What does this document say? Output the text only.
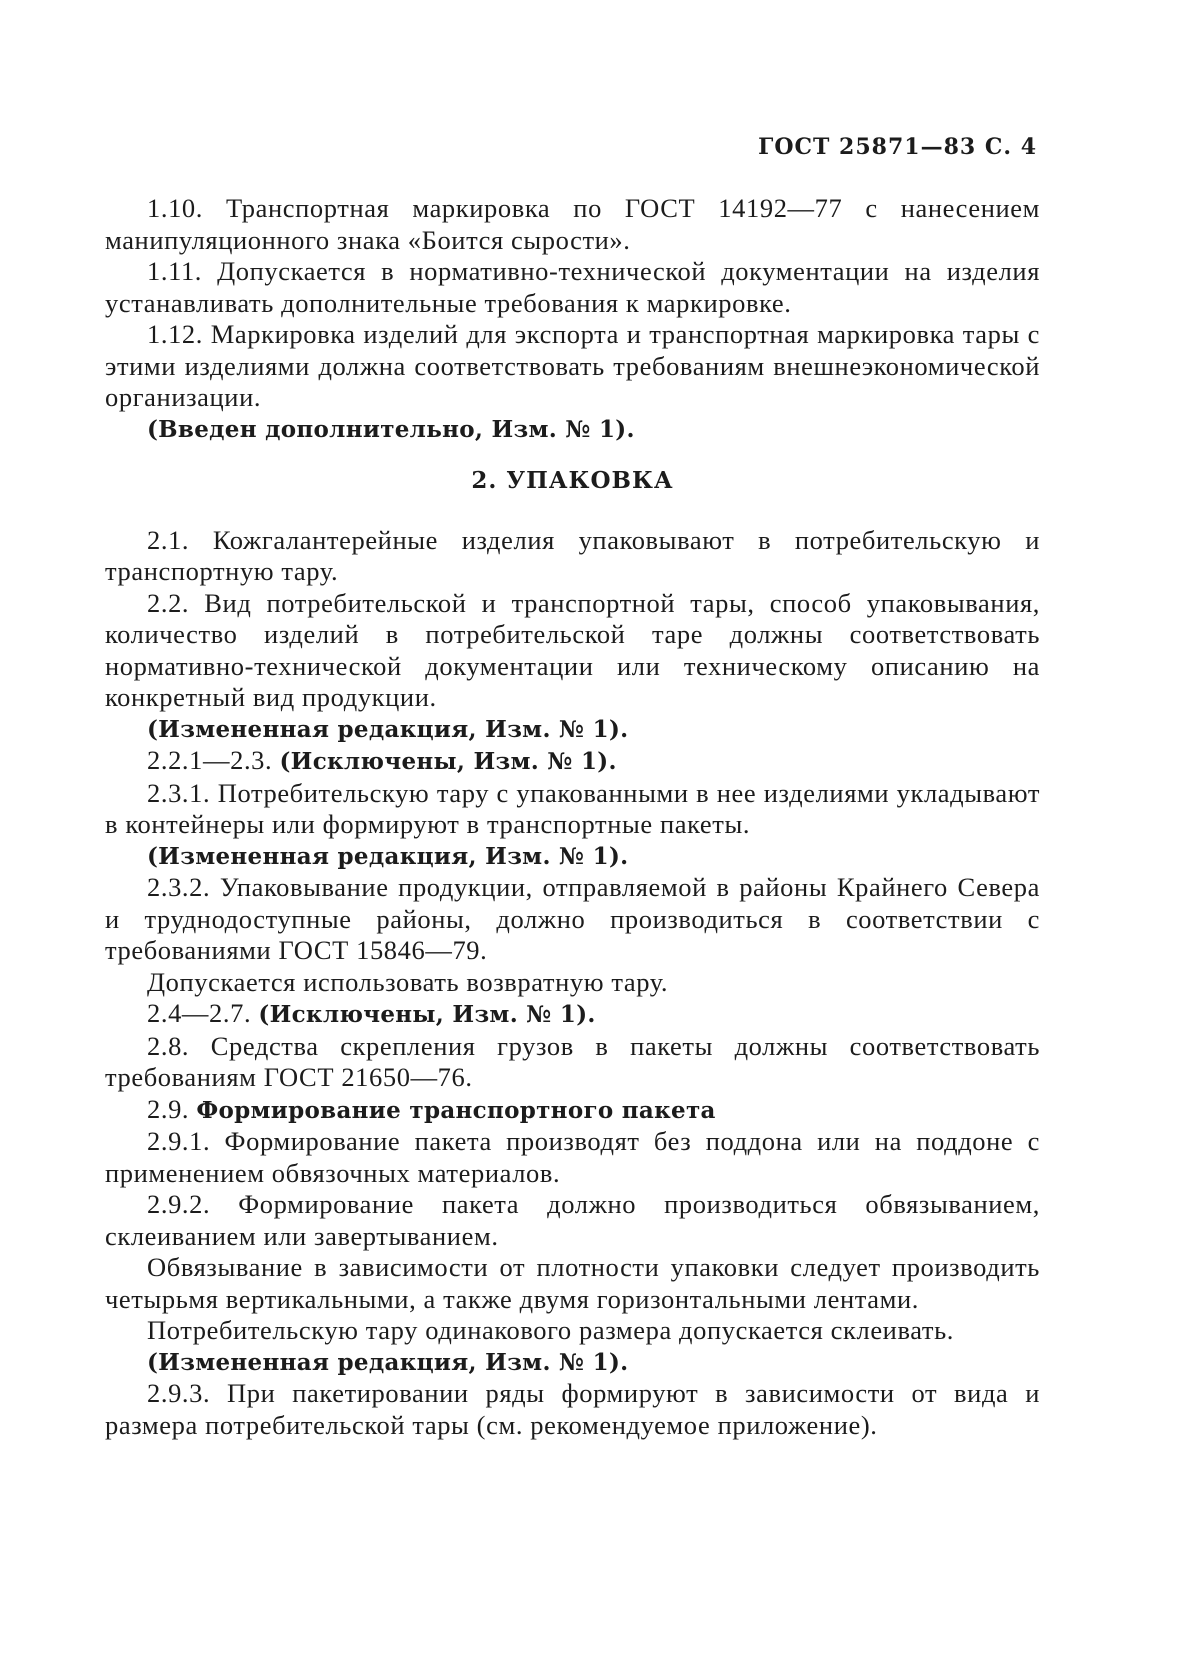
ГОСТ 25871—83 С. 4

1.10. Транспортная маркировка по ГОСТ 14192—77 с нанесением манипуляционного знака «Боится сырости».

1.11. Допускается в нормативно-технической документации на изделия устанавливать дополнительные требования к маркировке.

1.12. Маркировка изделий для экспорта и транспортная маркировка тары с этими изделиями должна соответствовать требованиям внешнеэкономической организации.

(Введен дополнительно, Изм. № 1).

2. УПАКОВКА

2.1. Кожгалантерейные изделия упаковывают в потребительскую и транспортную тару.

2.2. Вид потребительской и транспортной тары, способ упаковывания, количество изделий в потребительской таре должны соответствовать нормативно-технической документации или техническому описанию на конкретный вид продукции.

(Измененная редакция, Изм. № 1).

2.2.1—2.3. (Исключены, Изм. № 1).

2.3.1. Потребительскую тару с упакованными в нее изделиями укладывают в контейнеры или формируют в транспортные пакеты.

(Измененная редакция, Изм. № 1).

2.3.2. Упаковывание продукции, отправляемой в районы Крайнего Севера и труднодоступные районы, должно производиться в соответствии с требованиями ГОСТ 15846—79.

Допускается использовать возвратную тару.

2.4—2.7. (Исключены, Изм. № 1).

2.8. Средства скрепления грузов в пакеты должны соответствовать требованиям ГОСТ 21650—76.

2.9. Формирование транспортного пакета

2.9.1. Формирование пакета производят без поддона или на поддоне с применением обвязочных материалов.

2.9.2. Формирование пакета должно производиться обвязыванием, склеиванием или завертыванием.

Обвязывание в зависимости от плотности упаковки следует производить четырьмя вертикальными, а также двумя горизонтальными лентами.

Потребительскую тару одинакового размера допускается склеивать.

(Измененная редакция, Изм. № 1).

2.9.3. При пакетировании ряды формируют в зависимости от вида и размера потребительской тары (см. рекомендуемое приложение).
